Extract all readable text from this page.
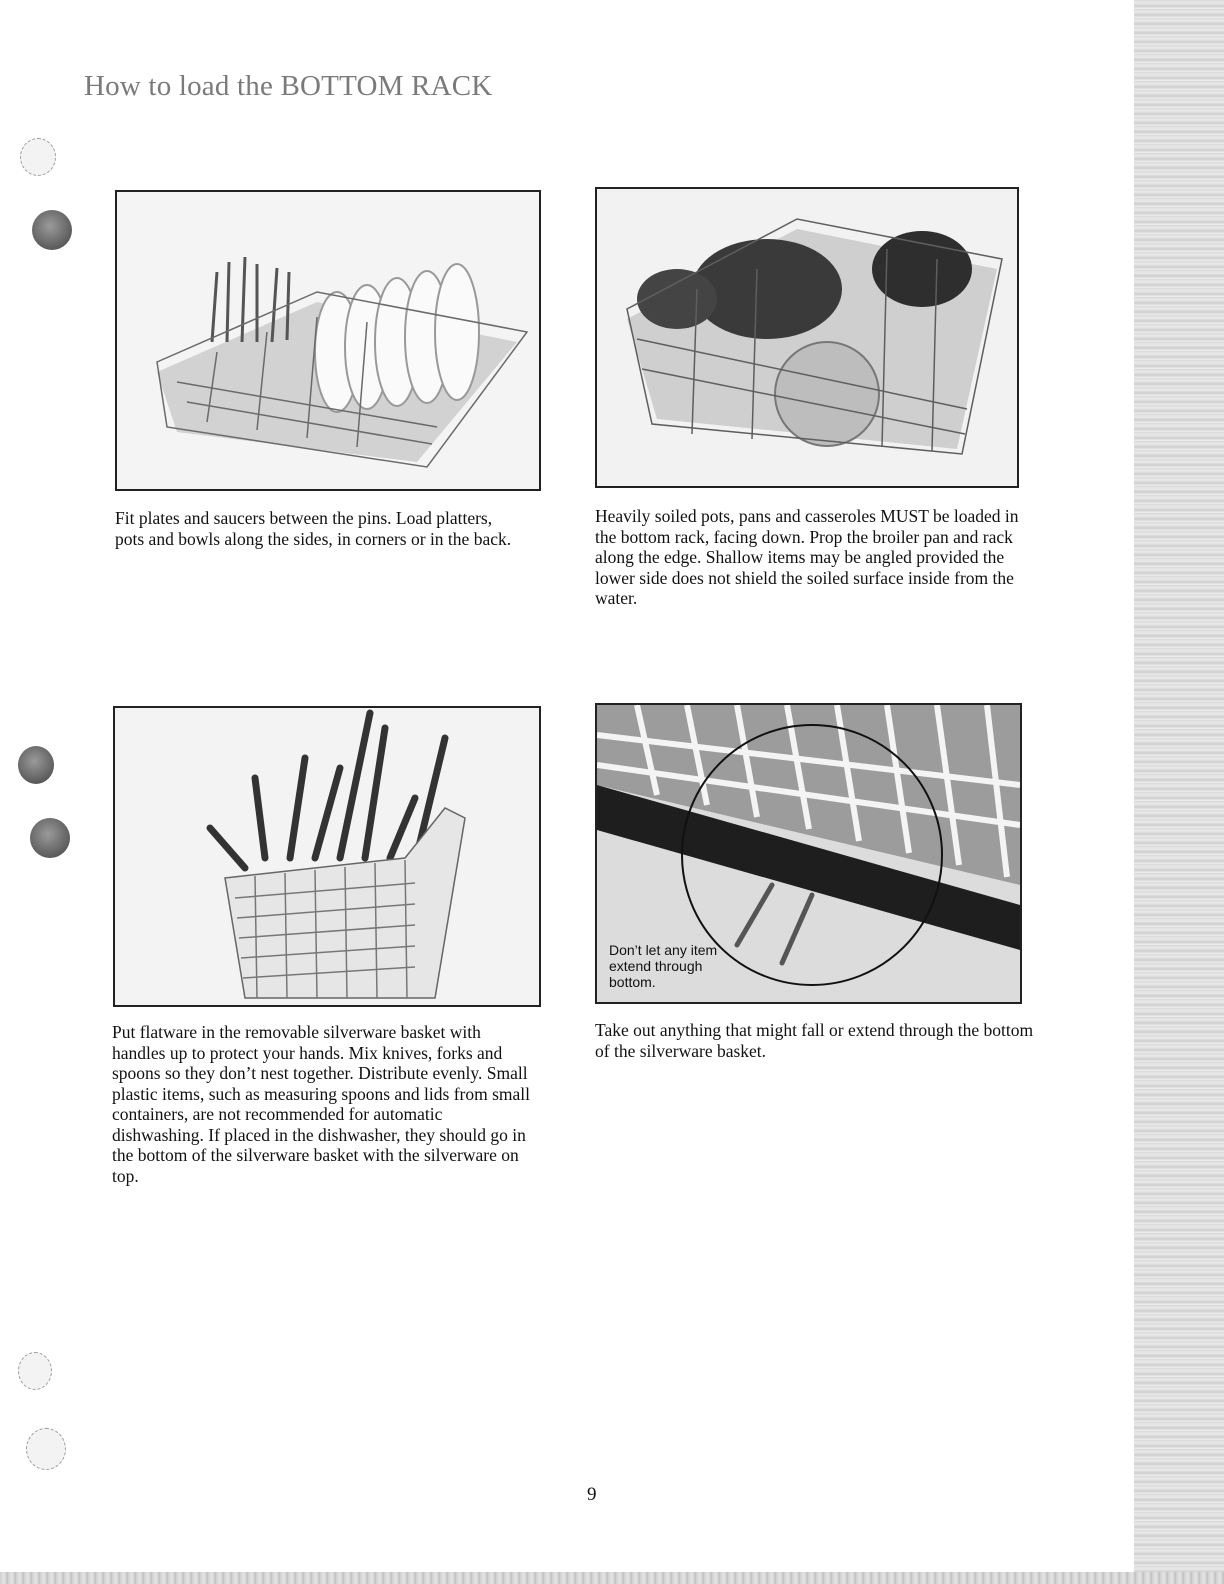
How to load the BOTTOM RACK

Fit plates and saucers between the pins. Load platters, pots and bowls along the sides, in corners or in the back.

Heavily soiled pots, pans and casseroles MUST be loaded in the bottom rack, facing down. Prop the broiler pan and rack along the edge. Shallow items may be angled provided the lower side does not shield the soiled surface inside from the water.

Put flatware in the removable silverware basket with handles up to protect your hands. Mix knives, forks and spoons so they don’t nest together. Distribute evenly. Small plastic items, such as measuring spoons and lids from small containers, are not recommended for automatic dishwashing. If placed in the dishwasher, they should go in the bottom of the silverware basket with the silverware on top.

Don’t let any item extend through bottom.

Take out anything that might fall or extend through the bottom of the silverware basket.

9
